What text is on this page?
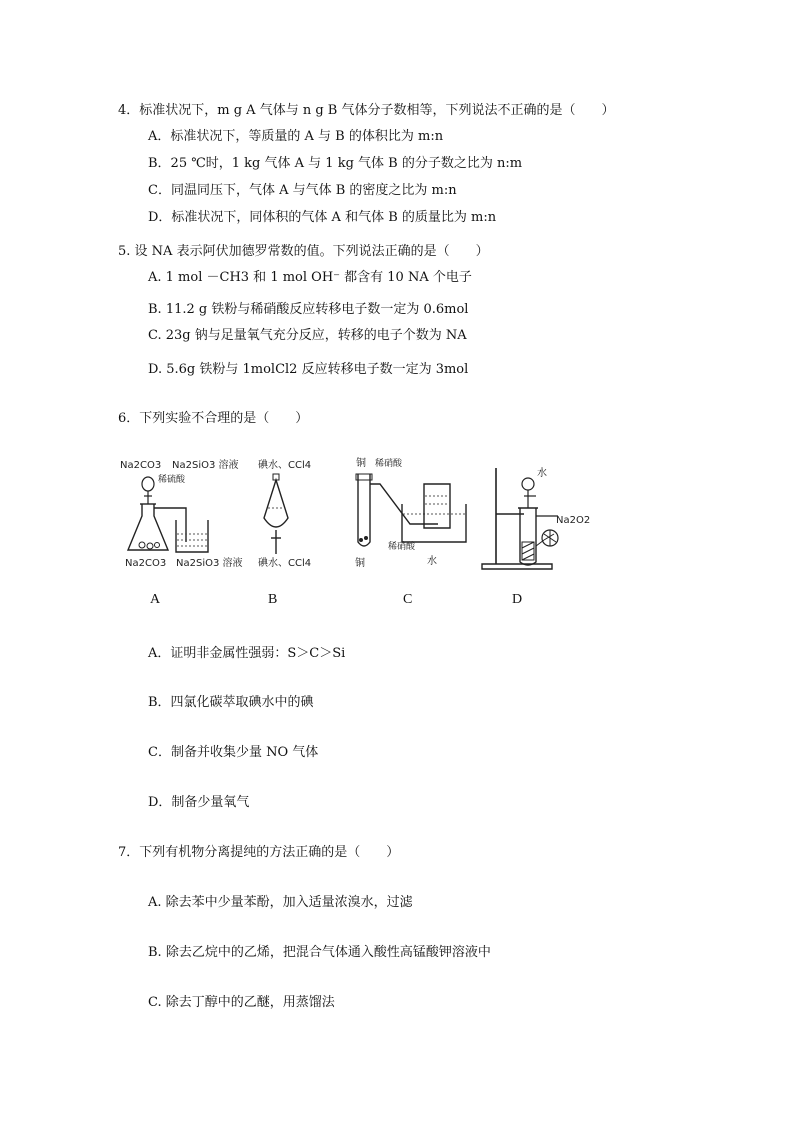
4．标准状况下，m g A 气体与 n g B 气体分子数相等，下列说法不正确的是（　　）
A．标准状况下，等质量的 A 与 B 的体积比为 m:n
B．25 ℃时，1 kg 气体 A 与 1 kg 气体 B 的分子数之比为 n:m
C．同温同压下，气体 A 与气体 B 的密度之比为 m:n
D．标准状况下，同体积的气体 A 和气体 B 的质量比为 m:n
5. 设 NA 表示阿伏加德罗常数的值。下列说法正确的是（　　）
A. 1 mol －CH3 和 1 mol OH⁻ 都含有 10 NA 个电子
B. 11.2 g 铁粉与稀硝酸反应转移电子数一定为 0.6mol
C. 23g 钠与足量氧气充分反应，转移的电子个数为 NA
D. 5.6g 铁粉与 1molCl2 反应转移电子数一定为 3mol
6．下列实验不合理的是（　　）
Na2CO3 Na2SiO3 溶液
稀硫酸
Na2CO3 Na2SiO3 溶液
碘水、CCl4
碘水、CCl4
铜 稀硝酸
稀硝酸
铜	水
水
Na2O2
A	B	C	D
A．证明非金属性强弱：S＞C＞Si
B．四氯化碳萃取碘水中的碘
C．制备并收集少量 NO 气体
D．制备少量氧气
7．下列有机物分离提纯的方法正确的是（　　）
A. 除去苯中少量苯酚，加入适量浓溴水，过滤
B. 除去乙烷中的乙烯，把混合气体通入酸性高锰酸钾溶液中
C. 除去丁醇中的乙醚，用蒸馏法
